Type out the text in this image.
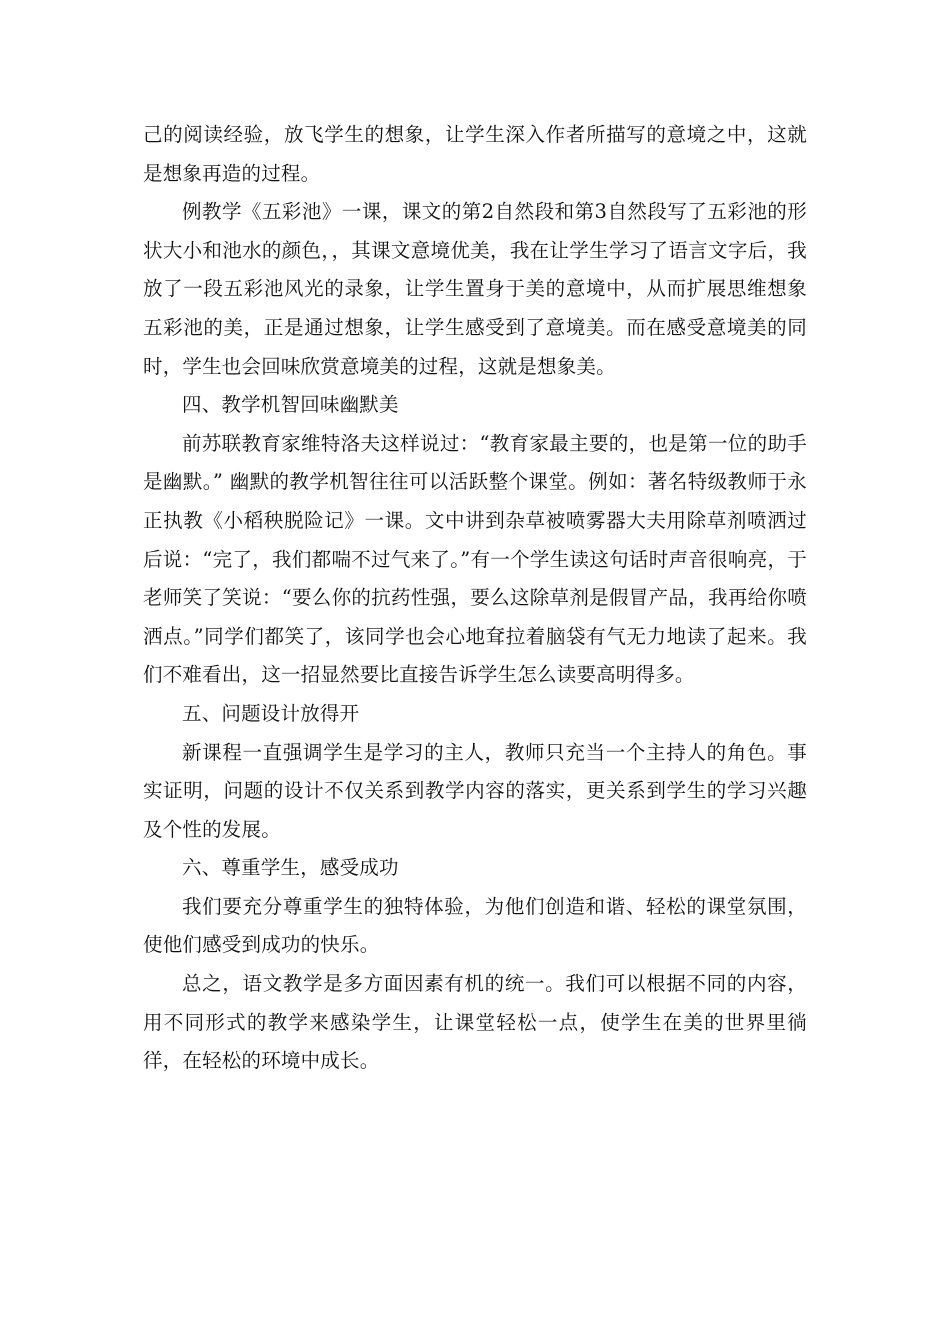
己的阅读经验，放飞学生的想象，让学生深入作者所描写的意境之中，这就是想象再造的过程。

例教学《五彩池》一课，课文的第2自然段和第3自然段写了五彩池的形状大小和池水的颜色，，其课文意境优美，我在让学生学习了语言文字后，我放了一段五彩池风光的录象，让学生置身于美的意境中，从而扩展思维想象五彩池的美，正是通过想象，让学生感受到了意境美。而在感受意境美的同时，学生也会回味欣赏意境美的过程，这就是想象美。

四、教学机智回味幽默美

前苏联教育家维特洛夫这样说过：“教育家最主要的，也是第一位的助手是幽默。” 幽默的教学机智往往可以活跃整个课堂。例如：著名特级教师于永正执教《小稻秧脱险记》一课。文中讲到杂草被喷雾器大夫用除草剂喷洒过后说：“完了，我们都喘不过气来了。”有一个学生读这句话时声音很响亮，于老师笑了笑说：“要么你的抗药性强，要么这除草剂是假冒产品，我再给你喷洒点。”同学们都笑了，该同学也会心地耷拉着脑袋有气无力地读了起来。我们不难看出，这一招显然要比直接告诉学生怎么读要高明得多。

五、问题设计放得开

新课程一直强调学生是学习的主人，教师只充当一个主持人的角色。事实证明，问题的设计不仅关系到教学内容的落实，更关系到学生的学习兴趣及个性的发展。

六、尊重学生，感受成功

我们要充分尊重学生的独特体验，为他们创造和谐、轻松的课堂氛围，使他们感受到成功的快乐。

总之，语文教学是多方面因素有机的统一。我们可以根据不同的内容，用不同形式的教学来感染学生，让课堂轻松一点，使学生在美的世界里徜徉，在轻松的环境中成长。
